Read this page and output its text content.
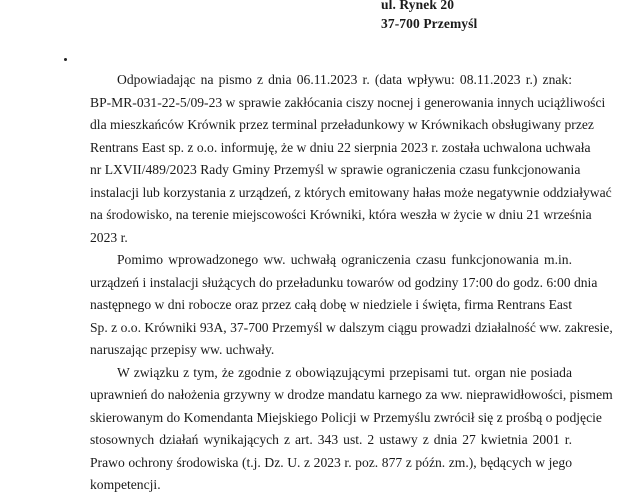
ul. Rynek 20
37-700 Przemyśl
Odpowiadając na pismo z dnia 06.11.2023 r. (data wpływu: 08.11.2023 r.) znak:
BP-MR-031-22-5/09-23 w sprawie zakłócania ciszy nocnej i generowania innych uciążliwości
dla mieszkańców Krównik przez terminal przeładunkowy w Krównikach obsługiwany przez
Rentrans East sp. z o.o. informuję, że w dniu 22 sierpnia 2023 r. została uchwalona uchwała
nr LXVII/489/2023 Rady Gminy Przemyśl w sprawie ograniczenia czasu funkcjonowania
instalacji lub korzystania z urządzeń, z których emitowany hałas może negatywnie oddziaływać
na środowisko, na terenie miejscowości Krówniki, która weszła w życie w dniu 21 września
2023 r.
Pomimo wprowadzonego ww. uchwałą ograniczenia czasu funkcjonowania m.in.
urządzeń i instalacji służących do przeładunku towarów od godziny 17:00 do godz. 6:00 dnia
następnego w dni robocze oraz przez całą dobę w niedziele i święta, firma Rentrans East
Sp. z o.o. Krówniki 93A, 37-700 Przemyśl w dalszym ciągu prowadzi działalność ww. zakresie,
naruszając przepisy ww. uchwały.
W związku z tym, że zgodnie z obowiązującymi przepisami tut. organ nie posiada
uprawnień do nałożenia grzywny w drodze mandatu karnego za ww. nieprawidłowości, pismem
skierowanym do Komendanta Miejskiego Policji w Przemyślu zwrócił się z prośbą o podjęcie
stosownych działań wynikających z art. 343 ust. 2 ustawy z dnia 27 kwietnia 2001 r.
Prawo ochrony środowiska (t.j. Dz. U. z 2023 r. poz. 877 z późn. zm.), będących w jego
kompetencji.
